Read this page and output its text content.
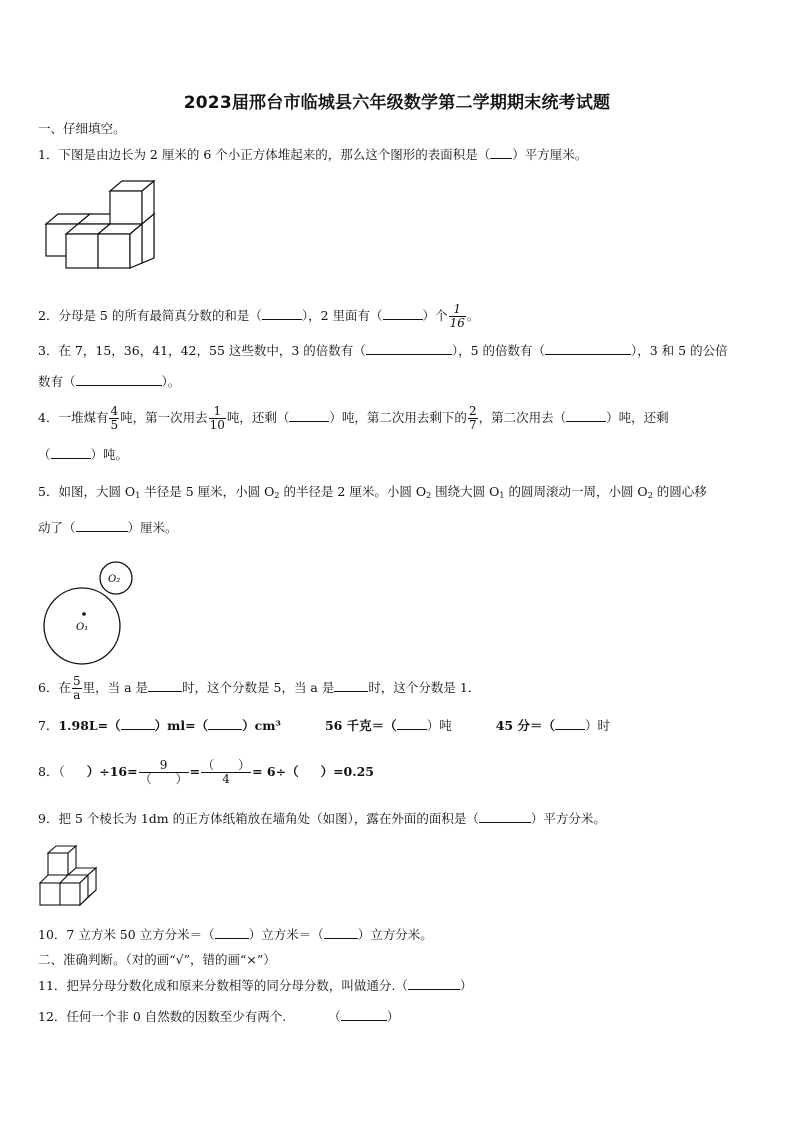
2023届邢台市临城县六年级数学第二学期期末统考试题
一、仔细填空。
1．下图是由边长为 2 厘米的 6 个小正方体堆起来的，那么这个图形的表面积是（ ）平方厘米。
2．分母是 5 的所有最简真分数的和是（	），2 里面有（	）个 $\frac{1}{16}$ 。
3．在 7，15，36，41，42，55 这些数中，3 的倍数有（	），5 的倍数有（	），3 和 5 的公倍
数有（	）。
4．一堆煤有 $\frac{4}{5}$ 吨，第一次用去 $\frac{1}{10}$ 吨，还剩（	）吨，第二次用去剩下的 $\frac{2}{7}$ ，第二次用去（	）吨，还剩
（	）吨。
5．如图，大圆 $O_1$ 半径是 5 厘米，小圆 $O_2$ 的半径是 2 厘米。小圆 $O_2$ 围绕大圆 $O_1$ 的圆周滚动一周，小圆 $O_2$ 的圆心移
动了（	）厘米。
O₁
O₂
6．在 $\frac{5}{a}$ 里，当 a 是	时，这个分数是 5，当 a 是	时，这个分数是 1．
7．1.98L=（	）ml=（	）cm³	56 千克＝（ ）吨	45 分＝（ ）时
8．（ ）$\div 16= \frac{9}{( )} = \frac{( )}{4} = 6\div$（ ）=0.25
9．把 5 个棱长为 1dm 的正方体纸箱放在墙角处（如图），露在外面的面积是（	）平方分米。
10．7 立方米 50 立方分米＝（	）立方米＝（	）立方分米。
二、准确判断。（对的画“√”，错的画“×”）
11．把异分母分数化成和原来分数相等的同分母分数，叫做通分.（	）
12．任何一个非 0 自然数的因数至少有两个.	（	）
